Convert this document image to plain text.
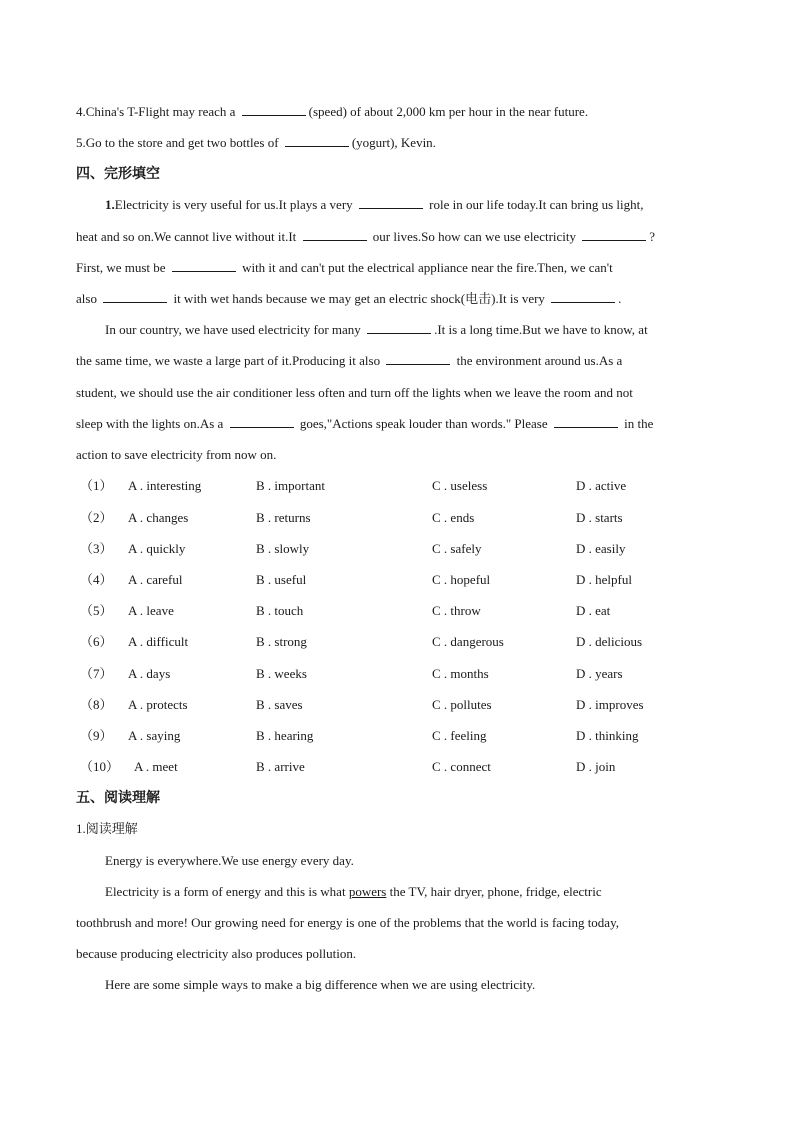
4.China's T-Flight may reach a	(speed) of about 2,000 km per hour in the near future.
5.Go to the store and get two bottles of	(yogurt), Kevin.
四、完形填空
1.Electricity is very useful for us.It plays a very	role in our life today.It can bring us light,
heat and so on.We cannot live without it.It	our lives.So how can we use electricity	?
First, we must be	with it and can't put the electrical appliance near the fire.Then, we can't
also	it with wet hands because we may get an electric shock(电击).It is very	.
In our country, we have used electricity for many	.It is a long time.But we have to know, at
the same time, we waste a large part of it.Producing it also	the environment around us.As a
student, we should use the air conditioner less often and turn off the lights when we leave the room and not
sleep with the lights on.As a	goes,"Actions speak louder than words." Please	in the
action to save electricity from now on.
（1） A . interesting	B . important	C . useless	D . active
（2） A . changes	B . returns	C . ends	D . starts
（3） A . quickly	B . slowly	C . safely	D . easily
（4） A . careful	B . useful	C . hopeful	D . helpful
（5） A . leave	B . touch	C . throw	D . eat
（6） A . difficult	B . strong	C . dangerous	D . delicious
（7） A . days	B . weeks	C . months	D . years
（8） A . protects	B . saves	C . pollutes	D . improves
（9） A . saying	B . hearing	C . feeling	D . thinking
（10） A . meet	B . arrive	C . connect	D . join
五、阅读理解
1.阅读理解
Energy is everywhere.We use energy every day.
Electricity is a form of energy and this is what powers the TV, hair dryer, phone, fridge, electric
toothbrush and more! Our growing need for energy is one of the problems that the world is facing today,
because producing electricity also produces pollution.
Here are some simple ways to make a big difference when we are using electricity.
